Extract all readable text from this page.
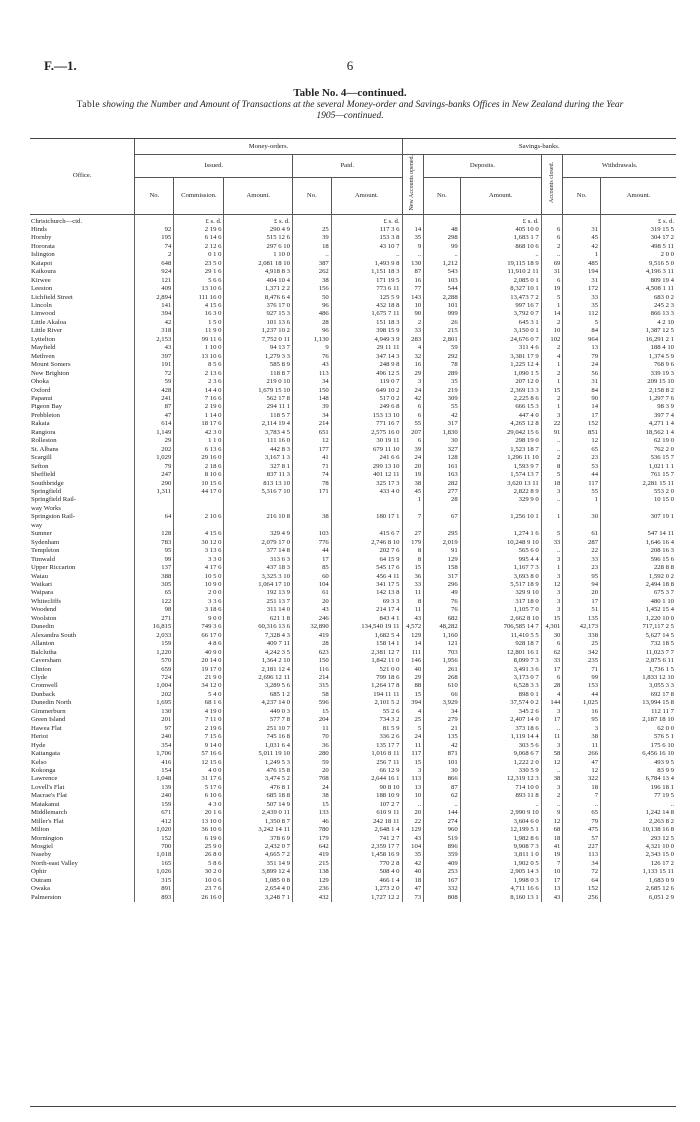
F.—1.	6
Table No. 4—continued.
Table showing the Number and Amount of Transactions at the several Money-order and Savings-banks Offices in New Zealand during the Year 1905—continued.
Office.	Money-orders.					Savings-banks.					
	Issued.			Paid.		New Accounts opened.	Deposits.		Accounts closed.	Withdrawals.	
	No.	Commission.	Amount.	No.	Amount.		No.	Amount.		No.	Amount.
Christchurch—ctd.		£ s. d.	£ s. d.		£ s. d.			£ s. d.			£ s. d.
Hinds	92	2 19 6	290 4 9	25	117 3 6	14	48	405 10 0	6	31	319 15 5
Hornby	195	6 14 6	515 12 6	39	153 3 8	35	298	1,683 1 7	6	45	304 17 2
Hororata	74	2 12 6	297 6 10	18	43 10 7	9	99	868 10 6	2	42	498 5 11
Islington	2	0 1 0	1 10 0	..	..	..	..	..	..	1	2 0 0
Kaiapoi	648	23 5 0	2,081 18 10	387	1,493 9 8	130	1,212	19,115 18 9	69	485	9,516 5 0
Kaikoura	924	29 1 6	4,918 8 3	262	1,151 18 3	87	543	11,910 2 11	31	194	4,196 3 11
Kirwee	121	5 6 6	404 10 4	38	171 19 5	16	103	2,085 0 1	6	31	809 19 4
Leeston	409	13 10 6	1,371 2 2	156	773 6 11	77	544	8,327 10 1	19	172	4,508 1 11
Lichfield Street	2,894	111 16 0	8,476 6 4	50	125 5 9	143	2,288	13,473 7 2	5	33	683 0 2
Lincoln	141	4 15 6	376 17 0	96	432 18 8	10	101	997 16 7	1	35	245 2 3
Linwood	394	16 3 0	927 15 3	486	1,675 7 11	90	999	3,792 0 7	14	112	866 13 3
Little Akaloa	42	1 5 0	101 13 6	28	151 18 3	2	26	645 3 1	2	5	4 2 10
Little River	318	11 9 0	1,237 10 2	96	398 15 9	33	215	3,150 0 1	10	84	1,387 12 5
Lyttelton	2,153	99 11 6	7,752 0 11	1,130	4,949 3 9	283	2,801	24,676 0 7	102	964	16,291 2 1
Mayfield	43	1 10 0	94 13 7	9	29 11 11	4	59	311 4 6	2	13	188 4 10
Methven	397	13 10 6	1,279 3 3	76	347 14 3	32	292	3,381 17 9	4	79	1,374 5 9
Mount Somers	191	8 5 6	585 8 9	43	248 9 8	16	78	1,225 12 4	1	24	768 9 6
New Brighton	72	2 13 6	118 8 7	113	496 12 5	29	289	1,090 1 5	2	56	339 19 3
Ohoka	59	2 3 6	219 0 10	34	119 0 7	3	35	207 12 0	1	31	209 15 10
Oxford	428	14 4 0	1,679 15 10	150	649 10 2	24	219	2,369 13 3	15	84	2,158 8 2
Papanui	241	7 16 6	562 17 8	148	517 0 2	42	309	2,225 8 6	2	90	1,297 7 6
Pigeon Bay	87	2 19 6	294 11 1	39	249 6 8	6	55	666 15 3	1	14	98 3 9
Prebbleton	47	1 14 0	118 5 7	34	153 13 10	6	42	447 4 0	3	17	397 7 4
Rakaia	614	18 17 6	2,114 19 4	214	771 16 7	55	317	4,265 12 8	22	152	4,271 1 4
Rangiora	1,149	42 3 0	3,783 4 5	651	2,575 16 0	207	1,830	29,042 15 6	91	851	18,562 1 4
Rolleston	29	1 1 0	111 16 0	12	30 19 11	6	30	298 19 0	..	12	62 19 0
St. Albans	202	6 13 6	442 8 3	177	679 11 10	39	327	1,523 18 7	..	65	762 2 0
Scargill	1,029	29 16 0	3,167 1 3	41	241 6 6	24	128	1,296 11 10	2	23	536 15 7
Sefton	79	2 18 6	327 8 1	71	299 13 10	20	161	1,593 9 7	8	53	1,021 1 1
Sheffield	247	8 10 6	837 11 3	74	401 12 11	19	163	1,574 13 7	5	44	761 15 7
Southbridge	290	10 15 6	813 13 10	78	325 17 3	38	282	3,620 13 11	18	117	2,281 15 11
Springfield	1,311	44 17 0	5,316 7 10	171	433 4 0	45	277	2,822 8 9	3	55	553 2 0
Springfield Rail-						1	28	329 9 0	..	1	10 15 0
way Works											
Springston Rail-	64	2 10 6	216 10 8	38	180 17 1	7	67	1,256 10 1	1	30	307 19 1
way											
Sumner	128	4 15 6	329 4 9	103	415 6 7	27	295	1,274 1 6	5	61	547 14 11
Sydenham	783	30 12 0	2,079 17 0	776	2,746 8 10	179	2,019	10,248 9 10	33	287	1,646 16 4
Templeton	95	3 13 6	377 14 8	44	202 7 6	8	91	565 6 0	..	22	208 16 3
Timwald	99	3 3 0	313 6 3	17	64 15 9	8	129	995 4 4	3	33	596 15 6
Upper Riccarton	137	4 17 6	437 18 3	85	545 17 6	15	158	1,167 7 3	1	23	228 8 8
Waiau	388	10 5 0	3,325 3 10	60	456 4 11	36	317	3,693 8 0	3	95	1,592 0 2
Waikari	305	10 9 0	1,064 17 10	104	341 17 5	33	296	5,517 18 9	12	94	2,494 18 8
Waipara	65	2 0 0	192 13 9	61	142 13 8	11	49	329 9 10	3	20	675 3 7
Whitecliffs	122	3 3 6	251 13 7	20	69 3 3	8	76	317 18 0	3	17	480 1 10
Woodend	98	3 18 6	311 14 0	43	214 17 4	11	76	1,105 7 0	3	51	1,452 15 4
Woolston	271	9 0 0	621 1 8	246	843 4 1	43	682	2,662 8 10	15	135	1,220 10 0
Dunedin	16,815	749 3 6	60,316 13 6	32,890	134,540 19 11	4,572	48,282	706,585 14 7	4,301	42,173	717,117 2 5
Alexandra South	2,033	66 17 0	7,328 4 3	419	1,682 5 4	129	1,160	11,410 5 5	30	338	5,627 14 5
Allanton	159	4 8 6	409 7 11	28	158 14 1	14	121	928 18 7	6	25	732 18 5
Balclutha	1,220	40 9 0	4,242 3 5	623	2,381 12 7	111	703	12,801 16 1	62	342	11,023 7 7
Caversham	570	20 14 0	1,364 2 10	150	1,842 11 0	146	1,956	8,099 7 3	33	235	2,875 6 11
Clinton	659	19 17 0	2,181 12 4	116	521 0 0	40	261	3,491 3 6	17	71	1,736 1 5
Clyde	724	21 9 0	2,696 12 11	214	799 18 6	29	268	3,173 0 7	6	99	1,833 12 10
Cromwell	1,004	34 12 0	3,289 5 6	315	1,264 17 8	88	610	6,528 3 3	28	153	3,055 3 3
Dunback	202	5 4 0	685 1 2	58	194 11 11	15	66	898 0 1	4	44	692 17 8
Dunedin North	1,695	68 1 6	4,237 14 0	596	2,101 5 2	394	3,929	37,574 0 2	144	1,025	13,994 15 8
Gimmerburn	130	4 19 0	449 0 3	15	55 2 6	4	34	345 2 6	3	16	112 11 7
Green Island	201	7 11 0	577 7 8	204	734 3 2	25	279	2,407 14 0	17	95	2,187 18 10
Hawea Flat	97	2 19 6	251 10 7	11	81 5 9	5	21	373 18 6	..	3	62 0 0
Heriot	240	7 15 6	745 16 8	70	336 2 6	24	135	1,119 14 4	11	38	576 5 1
Hyde	354	9 14 0	1,031 6 4	36	135 17 7	11	42	303 5 6	3	11	175 6 10
Kaitangata	1,706	57 16 6	5,011 19 10	280	1,016 8 11	117	871	9,068 6 7	58	266	6,456 16 10
Kelso	416	12 15 6	1,249 5 3	59	256 7 11	15	101	1,222 2 0	12	47	493 9 5
Kokonga	154	4 0 0	476 15 8	20	66 12 9	3	30	330 5 9	..	12	83 9 9
Lawrence	1,048	31 17 6	3,474 5 2	708	2,644 16 1	113	866	12,319 12 3	38	322	6,784 13 4
Lovell's Flat	139	5 17 6	476 8 1	24	90 8 10	13	87	714 10 0	3	18	196 18 1
Macrae's Flat	240	6 10 6	685 18 8	38	188 10 9	10	62	893 11 8	2	7	77 19 5
Matakanui	159	4 3 0	507 14 9	15	107 2 7	..	..	..	..	..	..
Middlemarch	671	20 1 6	2,439 0 11	133	610 9 11	20	144	2,990 9 10	9	65	1,242 14 8
Miller's Flat	412	13 10 0	1,350 8 7	46	242 18 11	22	274	3,604 6 0	12	79	2,263 8 2
Milton	1,020	36 10 6	3,242 14 11	780	2,648 1 4	129	960	12,199 5 1	68	475	10,138 16 8
Mornington	152	6 19 6	378 6 9	179	741 2 7	43	519	1,982 8 6	18	57	293 12 5
Mosgiel	700	25 9 0	2,432 0 7	642	2,359 17 7	104	896	9,908 7 3	41	227	4,321 10 0
Naseby	1,018	26 8 0	4,665 7 2	419	1,458 16 9	35	359	3,811 1 0	19	113	2,343 15 0
North-east Valley	165	5 8 6	351 14 9	215	770 2 8	42	409	1,902 0 5	7	34	126 17 2
Ophir	1,026	30 2 0	3,899 12 4	138	508 4 0	40	253	2,905 14 3	10	72	1,133 15 11
Outram	315	10 0 6	1,085 0 8	129	466 1 4	18	167	1,998 0 3	17	64	1,683 0 9
Owaka	891	23 7 6	2,654 4 0	236	1,273 2 0	47	332	4,711 16 6	13	152	2,685 12 6
Palmerston	893	26 16 0	3,248 7 1	432	1,727 12 2	73	808	8,160 13 1	43	256	6,051 2 9
